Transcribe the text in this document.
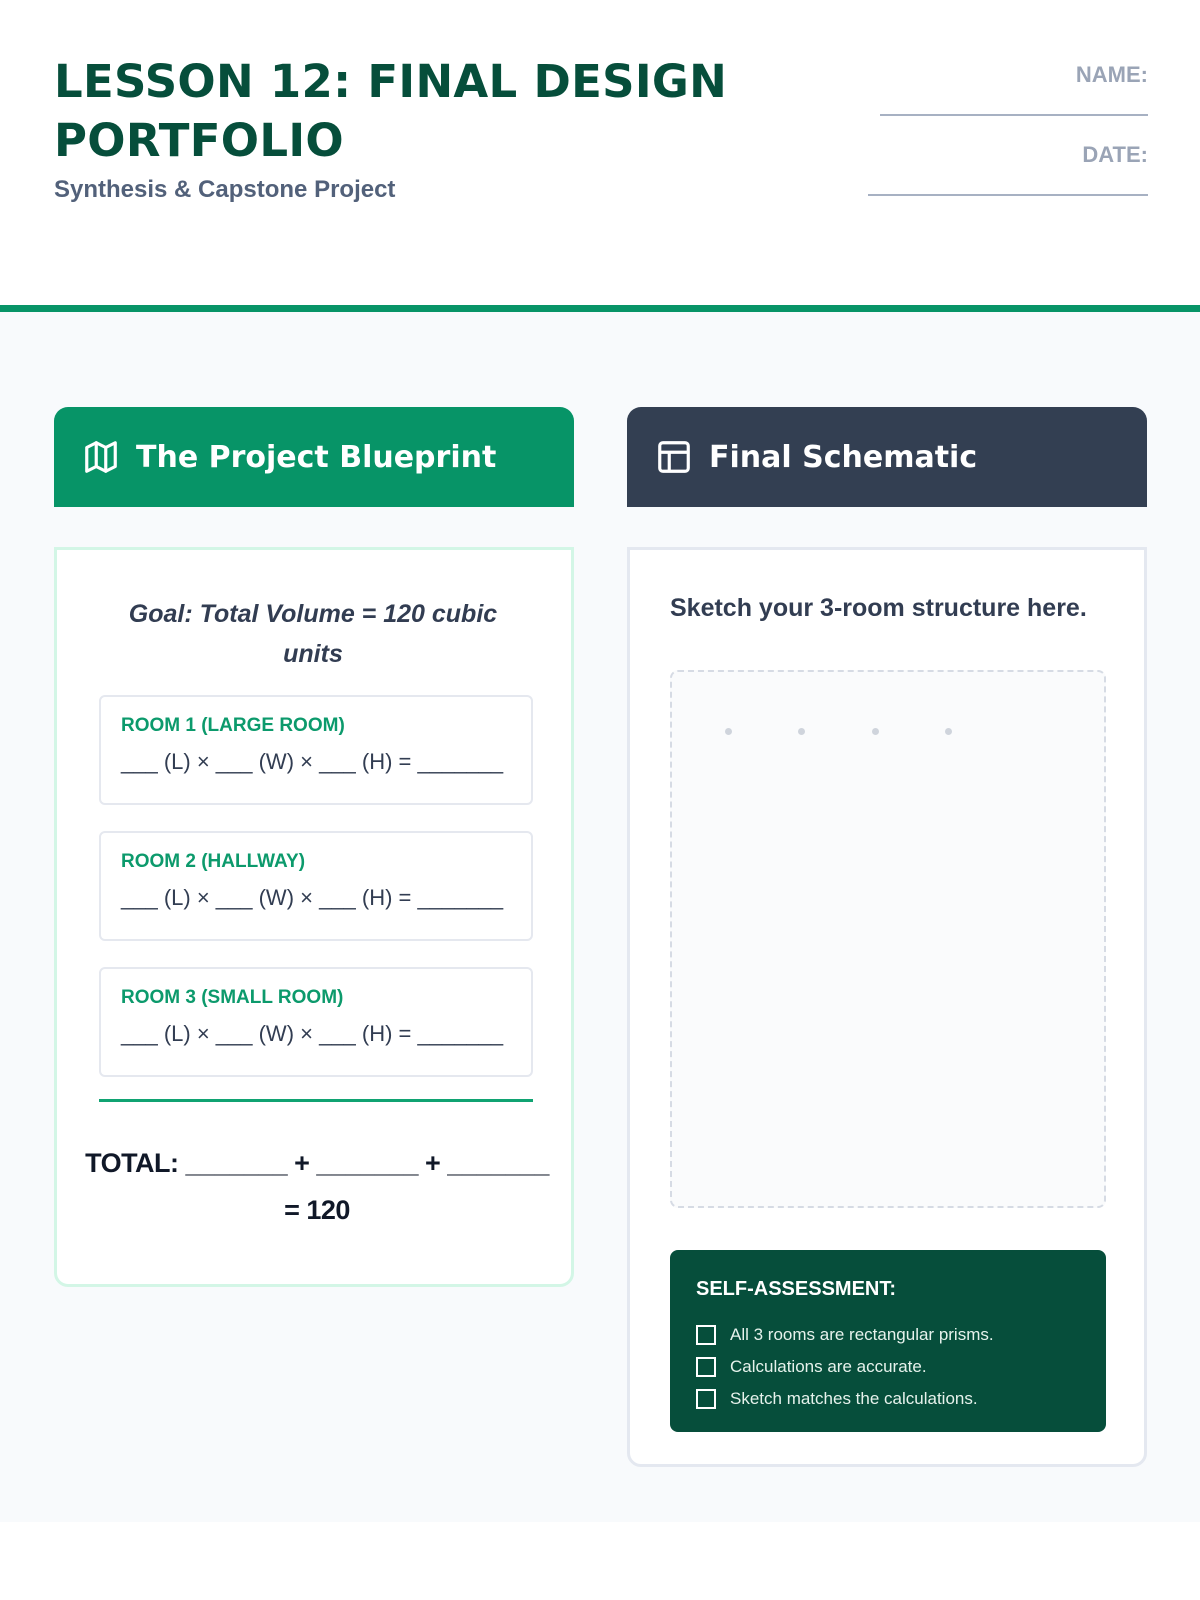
LESSON 12: FINAL DESIGN
PORTFOLIO
Synthesis & Capstone Project
NAME:
DATE:
The Project Blueprint	Final Schematic
Goal: Total Volume = 120 cubic units
ROOM 1 (LARGE ROOM)
___ (L) × ___ (W) × ___ (H) = _______
ROOM 2 (HALLWAY)
___ (L) × ___ (W) × ___ (H) = _______
ROOM 3 (SMALL ROOM)
___ (L) × ___ (W) × ___ (H) = _______
TOTAL: _______ + _______ + _______
= 120
Sketch your 3-room structure here.
SELF-ASSESSMENT:
All 3 rooms are rectangular prisms.
Calculations are accurate.
Sketch matches the calculations.
